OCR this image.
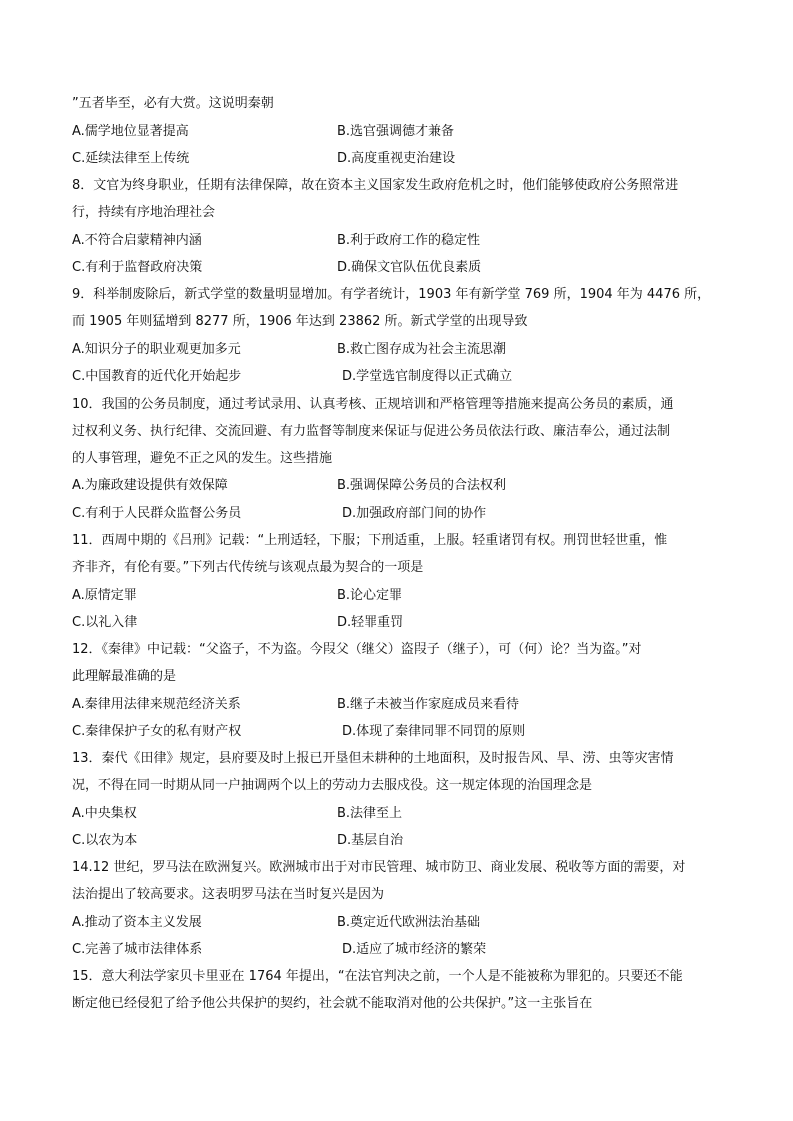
”五者毕至，必有大赏。这说明秦朝
A.儒学地位显著提高	B.选官强调德才兼备
C.延续法律至上传统	D.高度重视吏治建设
8．文官为终身职业，任期有法律保障，故在资本主义国家发生政府危机之时，他们能够使政府公务照常进
行，持续有序地治理社会
A.不符合启蒙精神内涵	B.利于政府工作的稳定性
C.有利于监督政府决策	D.确保文官队伍优良素质
9．科举制废除后，新式学堂的数量明显增加。有学者统计，1903 年有新学堂 769 所，1904 年为 4476 所，
而 1905 年则猛增到 8277 所，1906 年达到 23862 所。新式学堂的出现导致
A.知识分子的职业观更加多元	B.救亡图存成为社会主流思潮
C.中国教育的近代化开始起步	D.学堂选官制度得以正式确立
10．我国的公务员制度，通过考试录用、认真考核、正规培训和严格管理等措施来提高公务员的素质，通
过权利义务、执行纪律、交流回避、有力监督等制度来保证与促进公务员依法行政、廉洁奉公，通过法制
的人事管理，避免不正之风的发生。这些措施
A.为廉政建设提供有效保障	B.强调保障公务员的合法权利
C.有利于人民群众监督公务员	D.加强政府部门间的协作
11．西周中期的《吕刑》记载：“上刑适轻，下服；下刑适重，上服。轻重诸罚有权。刑罚世轻世重，惟
齐非齐，有伦有要。”下列古代传统与该观点最为契合的一项是
A.原情定罪	B.论心定罪
C.以礼入律	D.轻罪重罚
12．《秦律》中记载：“父盗子，不为盗。今叚父（继父）盗叚子（继子），可（何）论？当为盗。”对
此理解最准确的是
A.秦律用法律来规范经济关系	B.继子未被当作家庭成员来看待
C.秦律保护子女的私有财产权	D.体现了秦律同罪不同罚的原则
13．秦代《田律》规定，县府要及时上报已开垦但未耕种的土地面积，及时报告风、旱、涝、虫等灾害情
况，不得在同一时期从同一户抽调两个以上的劳动力去服戍役。这一规定体现的治国理念是
A.中央集权	B.法律至上
C.以农为本	D.基层自治
14.12 世纪，罗马法在欧洲复兴。欧洲城市出于对市民管理、城市防卫、商业发展、税收等方面的需要，对
法治提出了较高要求。这表明罗马法在当时复兴是因为
A.推动了资本主义发展	B.奠定近代欧洲法治基础
C.完善了城市法律体系	D.适应了城市经济的繁荣
15．意大利法学家贝卡里亚在 1764 年提出，“在法官判决之前，一个人是不能被称为罪犯的。只要还不能
断定他已经侵犯了给予他公共保护的契约，社会就不能取消对他的公共保护。”这一主张旨在
